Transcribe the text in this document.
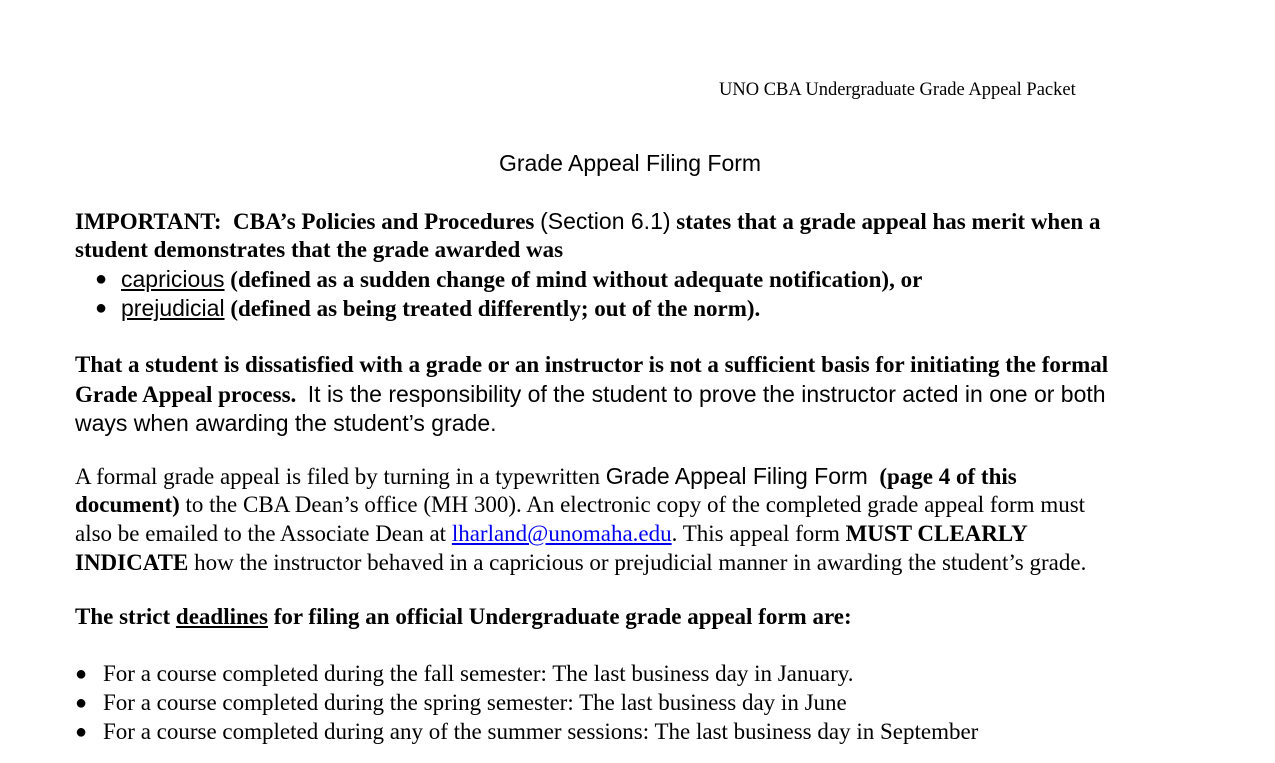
UNO CBA Undergraduate Grade Appeal Packet
Grade Appeal Filing Form
IMPORTANT: CBA’s Policies and Procedures (Section 6.1) states that a grade appeal has merit when a
student demonstrates that the grade awarded was
● capricious (defined as a sudden change of mind without adequate notification), or
● prejudicial (defined as being treated differently; out of the norm).
That a student is dissatisfied with a grade or an instructor is not a sufficient basis for initiating the formal
Grade Appeal process. It is the responsibility of the student to prove the instructor acted in one or both
ways when awarding the student’s grade.
A formal grade appeal is filed by turning in a typewritten Grade Appeal Filing Form (page 4 of this
document) to the CBA Dean’s office (MH 300). An electronic copy of the completed grade appeal form must
also be emailed to the Associate Dean at lharland@unomaha.edu. This appeal form MUST CLEARLY
INDICATE how the instructor behaved in a capricious or prejudicial manner in awarding the student’s grade.
The strict deadlines for filing an official Undergraduate grade appeal form are:
● For a course completed during the fall semester: The last business day in January.
● For a course completed during the spring semester: The last business day in June
● For a course completed during any of the summer sessions: The last business day in September
